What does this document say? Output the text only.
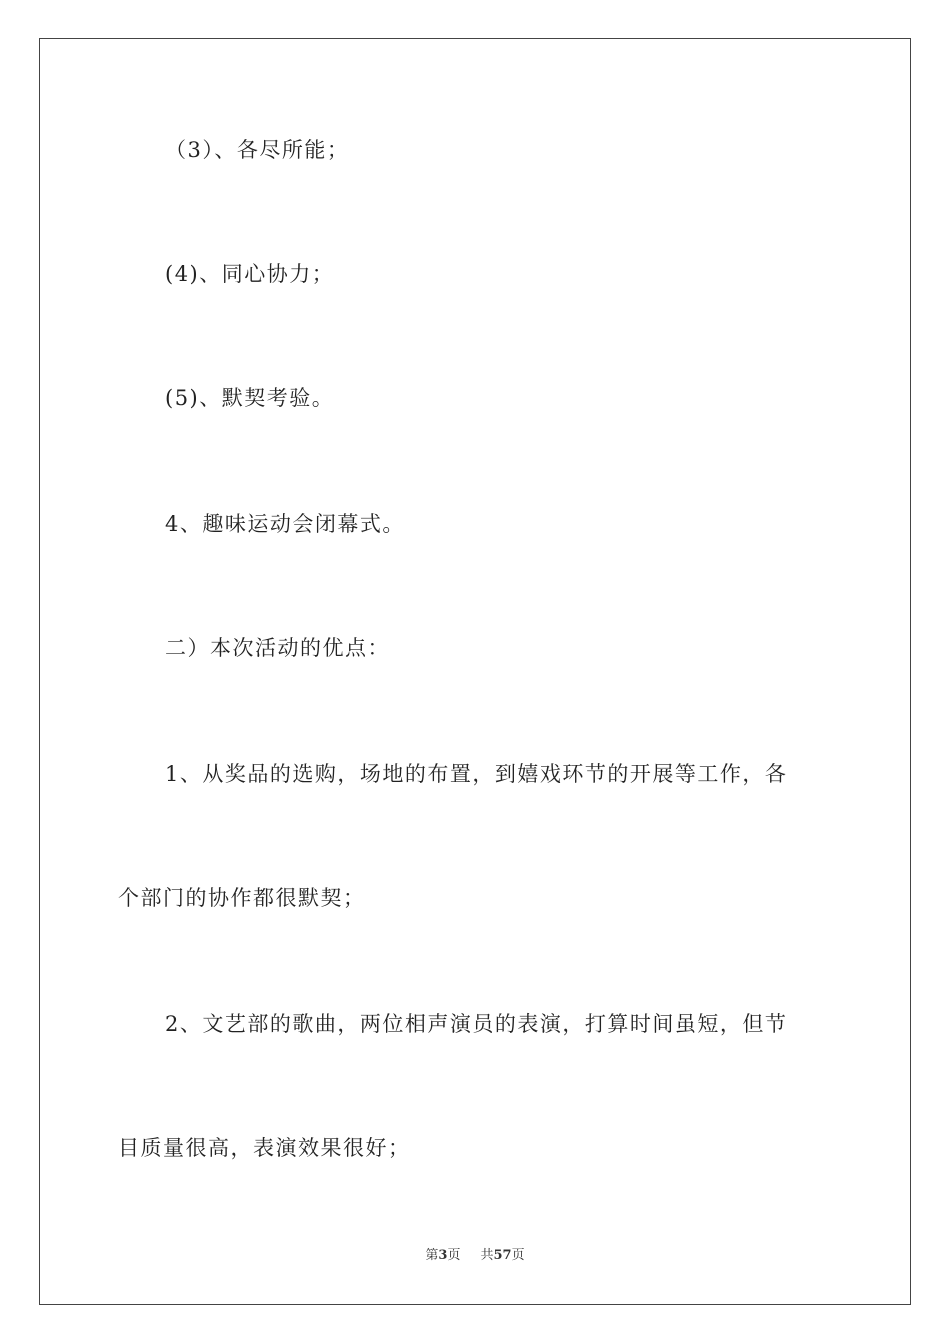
（3）、各尽所能；
(4)、同心协力；
(5)、默契考验。
4、趣味运动会闭幕式。
二）本次活动的优点：
1、从奖品的选购，场地的布置，到嬉戏环节的开展等工作，各
个部门的协作都很默契；
2、文艺部的歌曲，两位相声演员的表演，打算时间虽短，但节
目质量很高，表演效果很好；
第3页 共57页
